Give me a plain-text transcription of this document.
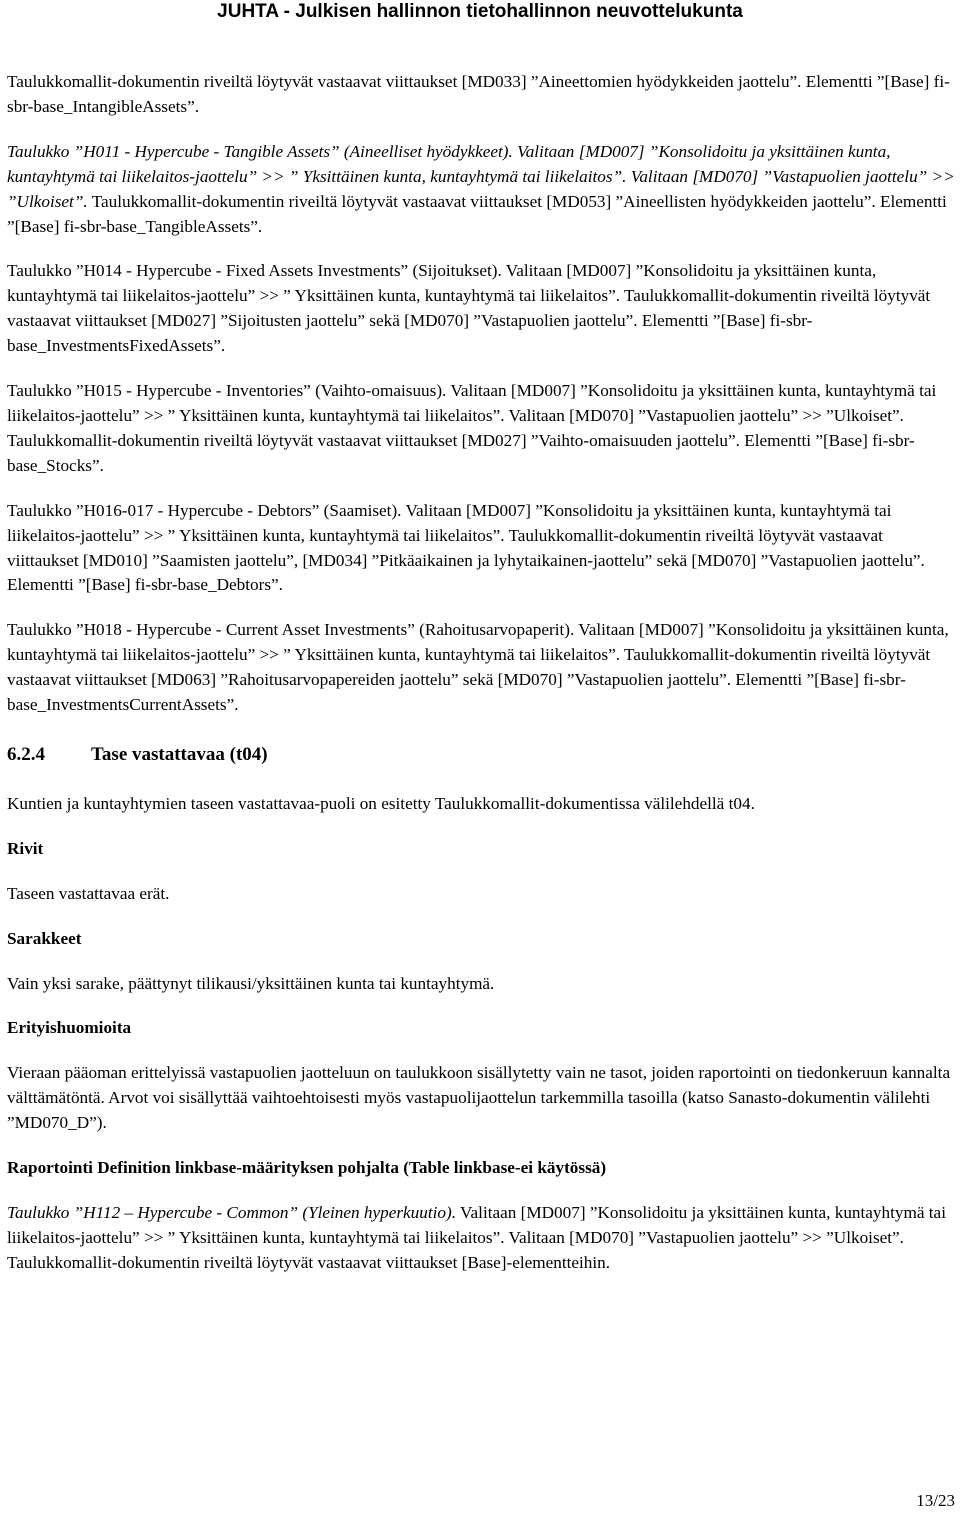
JUHTA - Julkisen hallinnon tietohallinnon neuvottelukunta

Taulukkomallit-dokumentin riveiltä löytyvät vastaavat viittaukset [MD033] ”Aineettomien hyödykkeiden jaottelu”. Elementti ”[Base] fi-sbr-base_IntangibleAssets”.

Taulukko ”H011 - Hypercube - Tangible Assets” (Aineelliset hyödykkeet). Valitaan [MD007] ”Konsolidoitu ja yksittäinen kunta, kuntayhtymä tai liikelaitos-jaottelu” >> ” Yksittäinen kunta, kuntayhtymä tai liikelaitos”. Valitaan [MD070] ”Vastapuolien jaottelu” >> ”Ulkoiset”. Taulukkomallit-dokumentin riveiltä löytyvät vastaavat viittaukset [MD053] ”Aineellisten hyödykkeiden jaottelu”. Elementti ”[Base] fi-sbr-base_TangibleAssets”.

Taulukko ”H014 - Hypercube - Fixed Assets Investments” (Sijoitukset). Valitaan [MD007] ”Konsolidoitu ja yksittäinen kunta, kuntayhtymä tai liikelaitos-jaottelu” >> ” Yksittäinen kunta, kuntayhtymä tai liikelaitos”. Taulukkomallit-dokumentin riveiltä löytyvät vastaavat viittaukset [MD027] ”Sijoitusten jaottelu” sekä [MD070] ”Vastapuolien jaottelu”. Elementti ”[Base] fi-sbr-base_InvestmentsFixedAssets”.

Taulukko ”H015 - Hypercube - Inventories” (Vaihto-omaisuus). Valitaan [MD007] ”Konsolidoitu ja yksittäinen kunta, kuntayhtymä tai liikelaitos-jaottelu” >> ” Yksittäinen kunta, kuntayhtymä tai liikelaitos”. Valitaan [MD070] ”Vastapuolien jaottelu” >> ”Ulkoiset”. Taulukkomallit-dokumentin riveiltä löytyvät vastaavat viittaukset [MD027] ”Vaihto-omaisuuden jaottelu”. Elementti ”[Base] fi-sbr-base_Stocks”.

Taulukko ”H016-017 - Hypercube - Debtors” (Saamiset). Valitaan [MD007] ”Konsolidoitu ja yksittäinen kunta, kuntayhtymä tai liikelaitos-jaottelu” >> ” Yksittäinen kunta, kuntayhtymä tai liikelaitos”. Taulukkomallit-dokumentin riveiltä löytyvät vastaavat viittaukset [MD010] ”Saamisten jaottelu”, [MD034] ”Pitkäaikainen ja lyhytaikainen-jaottelu” sekä [MD070] ”Vastapuolien jaottelu”. Elementti ”[Base] fi-sbr-base_Debtors”.

Taulukko ”H018 - Hypercube - Current Asset Investments” (Rahoitusarvopaperit). Valitaan [MD007] ”Konsolidoitu ja yksittäinen kunta, kuntayhtymä tai liikelaitos-jaottelu” >> ” Yksittäinen kunta, kuntayhtymä tai liikelaitos”. Taulukkomallit-dokumentin riveiltä löytyvät vastaavat viittaukset [MD063] ”Rahoitusarvopapereiden jaottelu” sekä [MD070] ”Vastapuolien jaottelu”. Elementti ”[Base] fi-sbr-base_InvestmentsCurrentAssets”.

6.2.4 Tase vastattavaa (t04)

Kuntien ja kuntayhtymien taseen vastattavaa-puoli on esitetty Taulukkomallit-dokumentissa välilehdellä t04.

Rivit

Taseen vastattavaa erät.

Sarakkeet

Vain yksi sarake, päättynyt tilikausi/yksittäinen kunta tai kuntayhtymä.

Erityishuomioita

Vieraan pääoman erittelyissä vastapuolien jaotteluun on taulukkoon sisällytetty vain ne tasot, joiden raportointi on tiedonkeruun kannalta välttämätöntä. Arvot voi sisällyttää vaihtoehtoisesti myös vastapuolijaottelun tarkemmilla tasoilla (katso Sanasto-dokumentin välilehti ”MD070_D”).

Raportointi Definition linkbase-määrityksen pohjalta (Table linkbase-ei käytössä)

Taulukko ”H112 – Hypercube - Common” (Yleinen hyperkuutio). Valitaan [MD007] ”Konsolidoitu ja yksittäinen kunta, kuntayhtymä tai liikelaitos-jaottelu” >> ” Yksittäinen kunta, kuntayhtymä tai liikelaitos”. Valitaan [MD070] ”Vastapuolien jaottelu” >> ”Ulkoiset”. Taulukkomallit-dokumentin riveiltä löytyvät vastaavat viittaukset [Base]-elementteihin.

13/23
